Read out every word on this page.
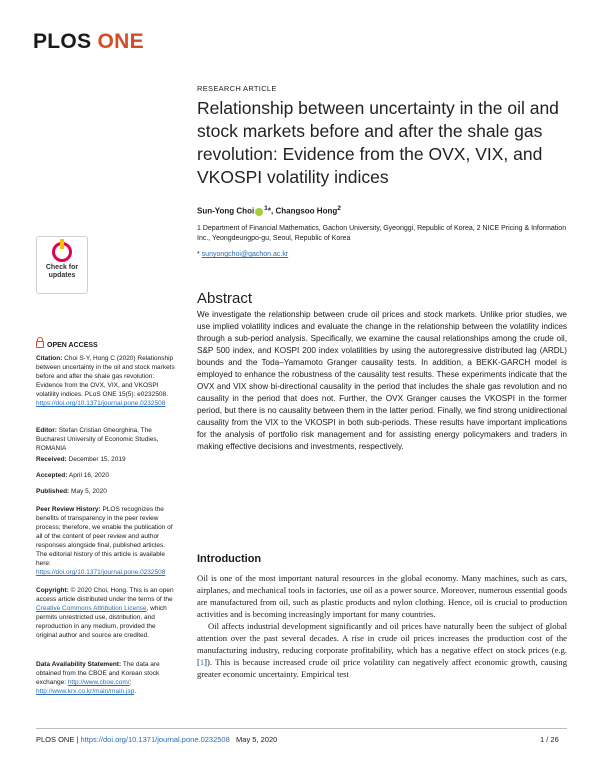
PLOS ONE
RESEARCH ARTICLE
Relationship between uncertainty in the oil and stock markets before and after the shale gas revolution: Evidence from the OVX, VIX, and VKOSPI volatility indices
Sun-Yong Choi $^1$*, Changsoo Hong$^2$
1 Department of Financial Mathematics, Gachon University, Gyeonggi, Republic of Korea, 2 NICE Pricing & Information Inc., Yeongdeungpo-gu, Seoul, Republic of Korea
* sunyongchoi@gachon.ac.kr
Check for
updates
OPEN ACCESS
Citation: Choi S-Y, Hong C (2020) Relationship between uncertainty in the oil and stock markets before and after the shale gas revolution: Evidence from the OVX, VIX, and VKOSPI volatility indices. PLoS ONE 15(5): e0232508. https://doi.org/10.1371/journal.pone.0232508
Editor: Stefan Cristian Gheorghina, The Bucharest University of Economic Studies, ROMANIA
Received: December 15, 2019
Accepted: April 16, 2020
Published: May 5, 2020
Peer Review History: PLOS recognizes the benefits of transparency in the peer review process; therefore, we enable the publication of all of the content of peer review and author responses alongside final, published articles. The editorial history of this article is available here: https://doi.org/10.1371/journal.pone.0232508
Copyright: © 2020 Choi, Hong. This is an open access article distributed under the terms of the Creative Commons Attribution License, which permits unrestricted use, distribution, and reproduction in any medium, provided the original author and source are credited.
Data Availability Statement: The data are obtained from the CBOE and Korean stock exchange: http://www.cboe.com/; http://www.krx.co.kr/main/main.jsp.
Abstract
We investigate the relationship between crude oil prices and stock markets. Unlike prior studies, we use implied volatility indices and evaluate the change in the relationship between the volatility indices through a sub-period analysis. Specifically, we examine the causal relationships among the crude oil, S&P 500 index, and KOSPI 200 index volatilities by using the autoregressive distributed lag (ARDL) bounds and the Toda–Yamamoto Granger causality tests. In addition, a BEKK-GARCH model is employed to enhance the robustness of the causality test results. These experiments indicate that the OVX and VIX show bi-directional causality in the period that includes the shale gas revolution and no causality in the period that does not. Further, the OVX Granger causes the VKOSPI in the former period, but there is no causality between them in the latter period. Finally, we find strong unidirectional causality from the VIX to the VKOSPI in both sub-periods. These results have important implications for the analysis of portfolio risk management and for assisting energy policymakers and traders in making effective decisions and investments, respectively.
Introduction

Oil is one of the most important natural resources in the global economy. Many machines, such as cars, airplanes, and mechanical tools in factories, use oil as a power source. Moreover, numerous essential goods are manufactured from oil, such as plastic products and nylon clothing. Hence, oil is crucial to production activities and is becoming increasingly important for many countries.

Oil affects industrial development significantly and oil prices have naturally been the subject of global attention over the past several decades. A rise in crude oil prices increases the production cost of the manufacturing industry, reducing corporate profitability, which has a negative effect on stock prices (e.g. [1]). This is because increased crude oil price volatility can negatively affect economic growth, causing greater economic uncertainty. Empirical test

PLOS ONE | https://doi.org/10.1371/journal.pone.0232508 May 5, 2020	1 / 26
